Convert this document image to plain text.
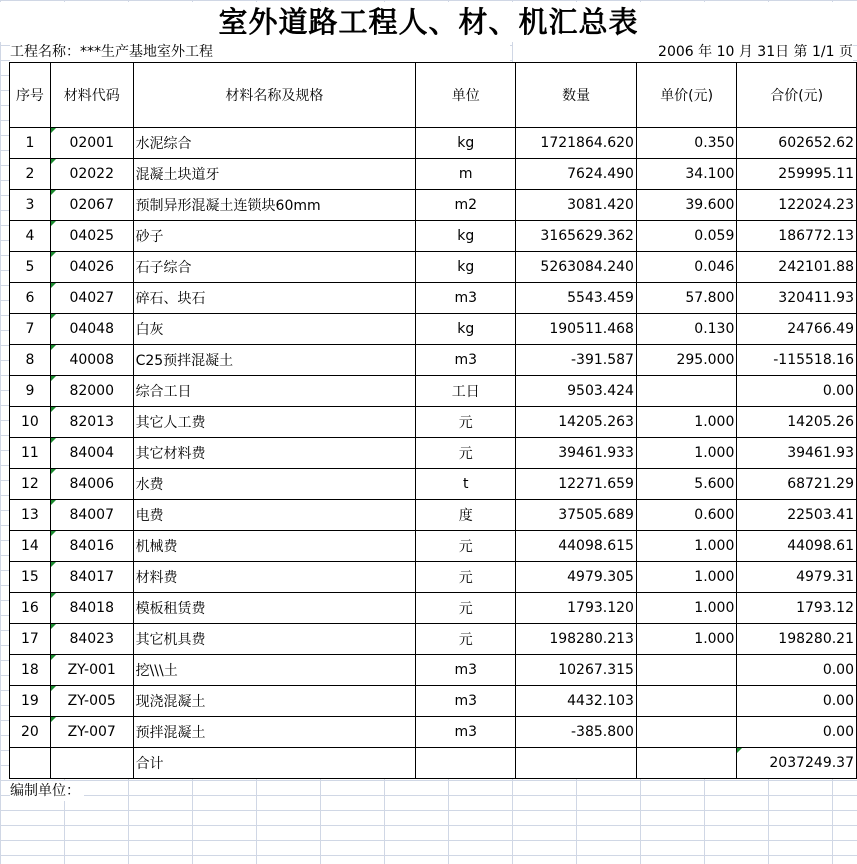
室外道路工程人、材、机汇总表
工程名称：***生产基地室外工程	2006 年 10 月 31日 第 1/1 页
序号	材料代码	材料名称及规格	单位	数量	单价(元)	合价(元)
1	02001	水泥综合	kg	1721864.620	0.350	602652.62
2	02022	混凝土块道牙	m	7624.490	34.100	259995.11
3	02067	预制异形混凝土连锁块60mm	m2	3081.420	39.600	122024.23
4	04025	砂子	kg	3165629.362	0.059	186772.13
5	04026	石子综合	kg	5263084.240	0.046	242101.88
6	04027	碎石、块石	m3	5543.459	57.800	320411.93
7	04048	白灰	kg	190511.468	0.130	24766.49
8	40008	C25预拌混凝土	m3	-391.587	295.000	-115518.16
9	82000	综合工日	工日	9503.424		0.00
10	82013	其它人工费	元	14205.263	1.000	14205.26
11	84004	其它材料费	元	39461.933	1.000	39461.93
12	84006	水费	t	12271.659	5.600	68721.29
13	84007	电费	度	37505.689	0.600	22503.41
14	84016	机械费	元	44098.615	1.000	44098.61
15	84017	材料费	元	4979.305	1.000	4979.31
16	84018	模板租赁费	元	1793.120	1.000	1793.12
17	84023	其它机具费	元	198280.213	1.000	198280.21
18	ZY-001	挖\\\土	m3	10267.315		0.00
19	ZY-005	现浇混凝土	m3	4432.103		0.00
20	ZY-007	预拌混凝土	m3	-385.800		0.00
		合计				2037249.37
编制单位：
